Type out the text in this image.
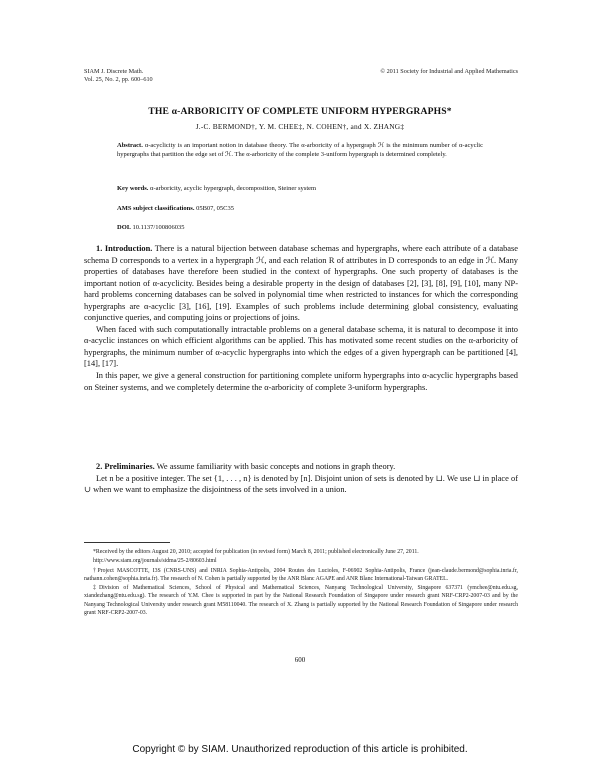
SIAM J. Discrete Math.
Vol. 25, No. 2, pp. 600–610
© 2011 Society for Industrial and Applied Mathematics
THE α-ARBORICITY OF COMPLETE UNIFORM HYPERGRAPHS*
J.-C. BERMOND†, Y. M. CHEE‡, N. COHEN†, and X. ZHANG‡
Abstract. α-acyclicity is an important notion in database theory. The α-arboricity of a hypergraph ℋ is the minimum number of α-acyclic hypergraphs that partition the edge set of ℋ. The α-arboricity of the complete 3-uniform hypergraph is determined completely.
Key words. α-arboricity, acyclic hypergraph, decomposition, Steiner system
AMS subject classifications. 05B07, 05C35
DOI. 10.1137/100806035

1. Introduction. There is a natural bijection between database schemas and hypergraphs, where each attribute of a database schema D corresponds to a vertex in a hypergraph ℋ, and each relation R of attributes in D corresponds to an edge in ℋ. Many properties of databases have therefore been studied in the context of hypergraphs. One such property of databases is the important notion of α-acyclicity. Besides being a desirable property in the design of databases [2], [3], [8], [9], [10], many NP-hard problems concerning databases can be solved in polynomial time when restricted to instances for which the corresponding hypergraphs are α-acyclic [3], [16], [19]. Examples of such problems include determining global consistency, evaluating conjunctive queries, and computing joins or projections of joins.

When faced with such computationally intractable problems on a general database schema, it is natural to decompose it into α-acyclic instances on which efficient algorithms can be applied. This has motivated some recent studies on the α-arboricity of hypergraphs, the minimum number of α-acyclic hypergraphs into which the edges of a given hypergraph can be partitioned [4], [14], [17].

In this paper, we give a general construction for partitioning complete uniform hypergraphs into α-acyclic hypergraphs based on Steiner systems, and we completely determine the α-arboricity of complete 3-uniform hypergraphs.

2. Preliminaries. We assume familiarity with basic concepts and notions in graph theory.

Let n be a positive integer. The set {1, . . . , n} is denoted by [n]. Disjoint union of sets is denoted by ⊔. We use ⊔ in place of ∪ when we want to emphasize the disjointness of the sets involved in a union.

*Received by the editors August 20, 2010; accepted for publication (in revised form) March 8, 2011; published electronically June 27, 2011.

http://www.siam.org/journals/sidma/25-2/80603.html

†Project MASCOTTE, I3S (CNRS-UNS) and INRIA Sophia-Antipolis, 2004 Routes des Lucioles, F-06902 Sophia-Antipolis, France (jean-claude.bermond@sophia.inria.fr, nathann.cohen@sophia.inria.fr). The research of N. Cohen is partially supported by the ANR Blanc AGAPE and ANR Blanc International-Taiwan GRATEL.

‡Division of Mathematical Sciences, School of Physical and Mathematical Sciences, Nanyang Technological University, Singapore 637371 (ymchee@ntu.edu.sg, xiandezhang@ntu.edu.sg). The research of Y.M. Chee is supported in part by the National Research Foundation of Singapore under research grant NRF-CRP2-2007-03 and by the Nanyang Technological University under research grant M58110040. The research of X. Zhang is partially supported by the National Research Foundation of Singapore under research grant NRF-CRP2-2007-03.

600
Copyright © by SIAM. Unauthorized reproduction of this article is prohibited.
